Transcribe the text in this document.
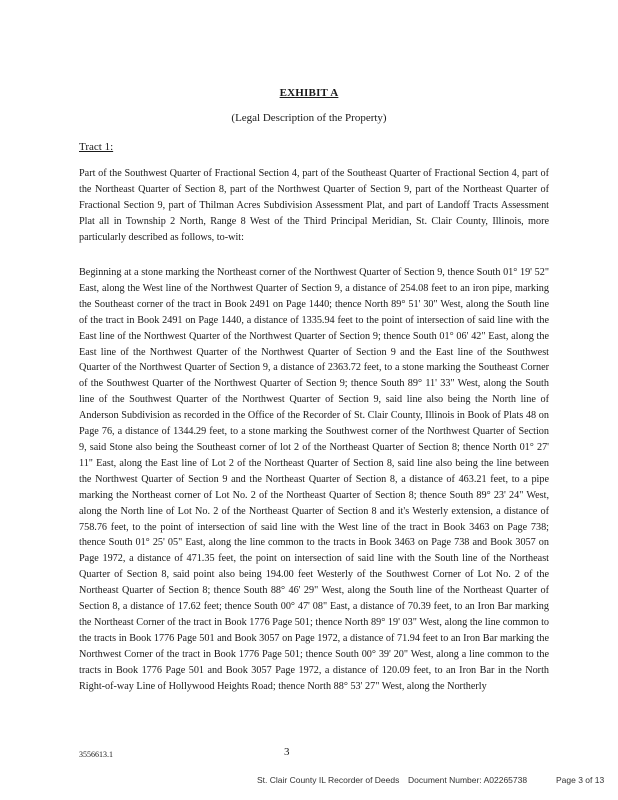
EXHIBIT A
(Legal Description of the Property)
Tract 1:

Part of the Southwest Quarter of Fractional Section 4, part of the Southeast Quarter of Fractional Section 4, part of the Northeast Quarter of Section 8, part of the Northwest Quarter of Section 9, part of the Northeast Quarter of Fractional Section 9, part of Thilman Acres Subdivision Assessment Plat, and part of Landoff Tracts Assessment Plat all in Township 2 North, Range 8 West of the Third Principal Meridian, St. Clair County, Illinois, more particularly described as follows, to-wit:

Beginning at a stone marking the Northeast corner of the Northwest Quarter of Section 9, thence South 01° 19' 52" East, along the West line of the Northwest Quarter of Section 9, a distance of 254.08 feet to an iron pipe, marking the Southeast corner of the tract in Book 2491 on Page 1440; thence North 89° 51' 30" West, along the South line of the tract in Book 2491 on Page 1440, a distance of 1335.94 feet to the point of intersection of said line with the East line of the Northwest Quarter of the Northwest Quarter of Section 9; thence South 01° 06' 42" East, along the East line of the Northwest Quarter of the Northwest Quarter of Section 9 and the East line of the Southwest Quarter of the Northwest Quarter of Section 9, a distance of 2363.72 feet, to a stone marking the Southeast Corner of the Southwest Quarter of the Northwest Quarter of Section 9; thence South 89° 11' 33" West, along the South line of the Southwest Quarter of the Northwest Quarter of Section 9, said line also being the North line of Anderson Subdivision as recorded in the Office of the Recorder of St. Clair County, Illinois in Book of Plats 48 on Page 76, a distance of 1344.29 feet, to a stone marking the Southwest corner of the Northwest Quarter of Section 9, said Stone also being the Southeast corner of lot 2 of the Northeast Quarter of Section 8; thence North 01° 27' 11" East, along the East line of Lot 2 of the Northeast Quarter of Section 8, said line also being the line between the Northwest Quarter of Section 9 and the Northeast Quarter of Section 8, a distance of 463.21 feet, to a pipe marking the Northeast corner of Lot No. 2 of the Northeast Quarter of Section 8; thence South 89° 23' 24" West, along the North line of Lot No. 2 of the Northeast Quarter of Section 8 and it's Westerly extension, a distance of 758.76 feet, to the point of intersection of said line with the West line of the tract in Book 3463 on Page 738; thence South 01° 25' 05" East, along the line common to the tracts in Book 3463 on Page 738 and Book 3057 on Page 1972, a distance of 471.35 feet, the point on intersection of said line with the South line of the Northeast Quarter of Section 8, said point also being 194.00 feet Westerly of the Southwest Corner of Lot No. 2 of the Northeast Quarter of Section 8; thence South 88° 46' 29" West, along the South line of the Northeast Quarter of Section 8, a distance of 17.62 feet; thence South 00° 47' 08" East, a distance of 70.39 feet, to an Iron Bar marking the Northeast Corner of the tract in Book 1776 Page 501; thence North 89° 19' 03" West, along the line common to the tracts in Book 1776 Page 501 and Book 3057 on Page 1972, a distance of 71.94 feet to an Iron Bar marking the Northwest Corner of the tract in Book 1776 Page 501; thence South 00° 39' 20" West, along a line common to the tracts in Book 1776 Page 501 and Book 3057 Page 1972, a distance of 120.09 feet, to an Iron Bar in the North Right-of-way Line of Hollywood Heights Road; thence North 88° 53' 27" West, along the Northerly

3556613.1	3
St. Clair County IL Recorder of Deeds Document Number: A02265738	Page 3 of 13
